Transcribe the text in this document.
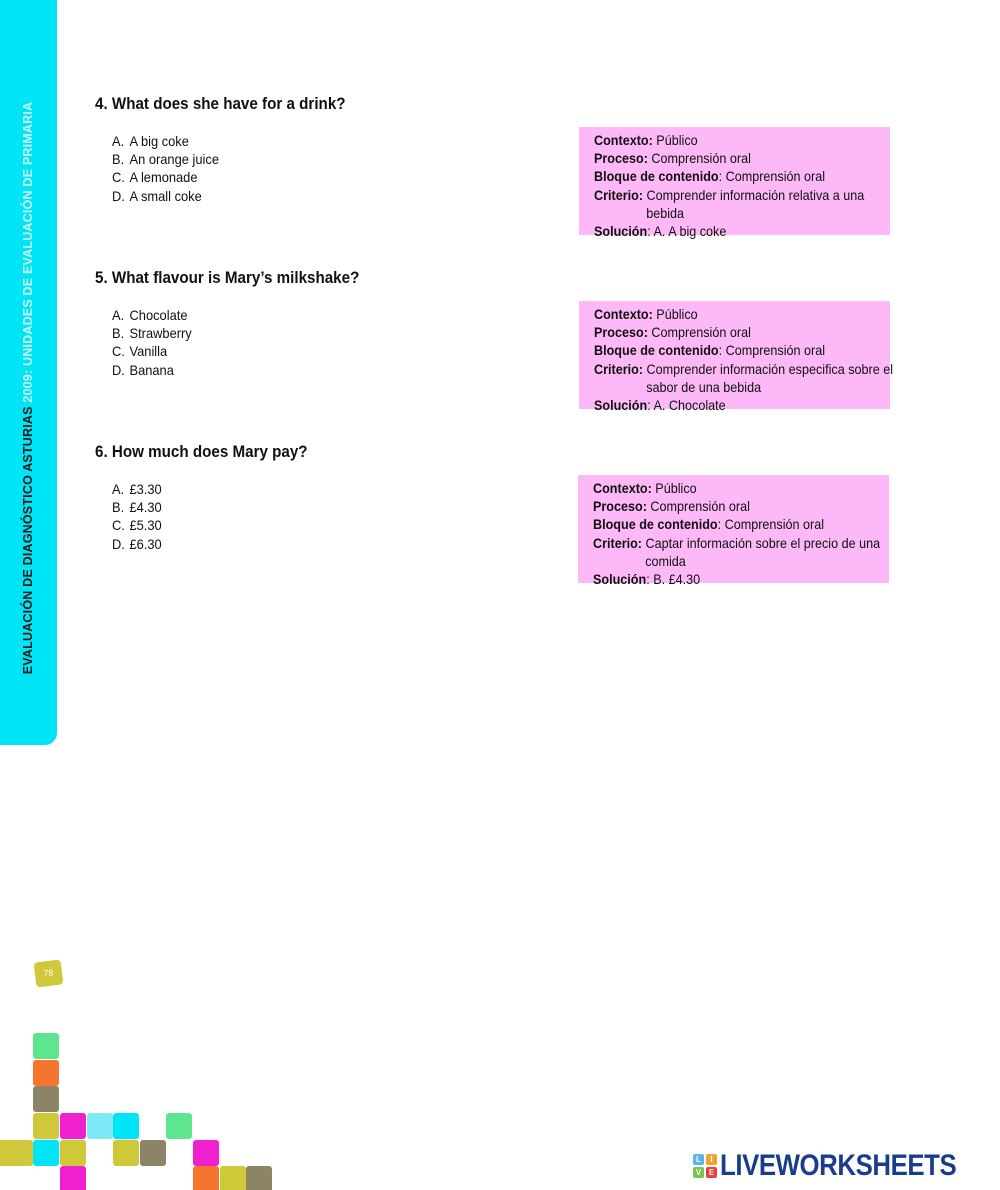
EVALUACIÓN DE DIAGNÓSTICO ASTURIAS 2009: UNIDADES DE EVALUACIÓN DE PRIMARIA	4. What does she have for a drink?
A. A big coke
B. An orange juice
C. A lemonade
D. A small coke
Contexto: Público
Proceso: Comprensión oral
Bloque de contenido: Comprensión oral
Criterio: Comprender información relativa a una
bebida
Solución: A. A big coke
5. What flavour is Mary’s milkshake?
A. Chocolate
B. Strawberry
C. Vanilla
D. Banana
Contexto: Público
Proceso: Comprensión oral
Bloque de contenido: Comprensión oral
Criterio: Comprender información especifica sobre el
sabor de una bebida
Solución: A. Chocolate
6. How much does Mary pay?
A. £3.30
B. £4.30
C. £5.30
D. £6.30
Contexto: Público
Proceso: Comprensión oral
Bloque de contenido: Comprensión oral
Criterio: Captar información sobre el precio de una
comida
Solución: B. £4.30
78
L	I
V E LIVEWORKSHEETS
